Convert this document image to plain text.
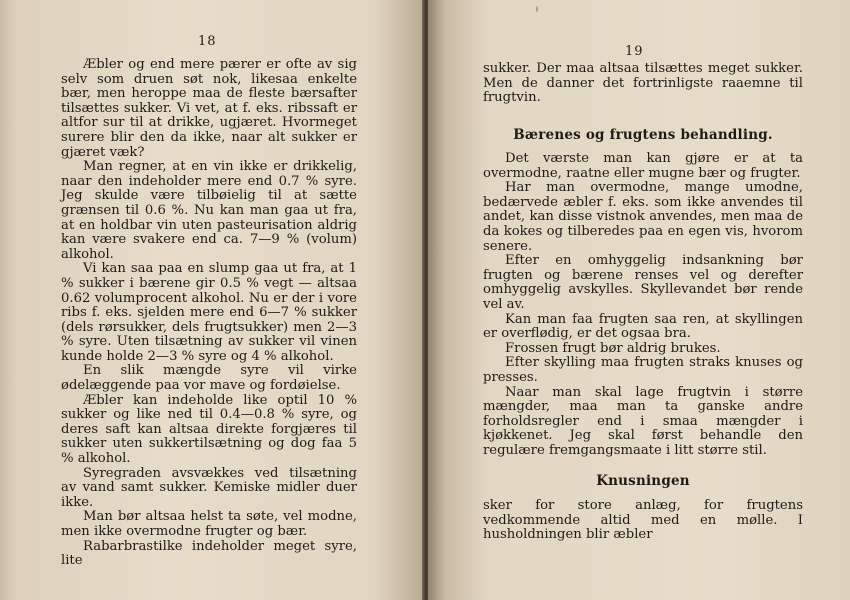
18

Æbler og end mere pærer er ofte av sig selv som druen søt nok, likesaa enkelte bær, men heroppe maa de fleste bærsafter tilsættes sukker. Vi vet, at f. eks. ribssaft er altfor sur til at drikke, ugjæret. Hvormeget surere blir den da ikke, naar alt sukker er gjæret væk?

Man regner, at en vin ikke er drikkelig, naar den indeholder mere end 0.7 % syre. Jeg skulde være tilbøielig til at sætte grænsen til 0.6 %. Nu kan man gaa ut fra, at en holdbar vin uten pasteurisation aldrig kan være svakere end ca. 7—9 % (volum) alkohol.

Vi kan saa paa en slump gaa ut fra, at 1 % sukker i bærene gir 0.5 % vegt — altsaa 0.62 volumprocent alkohol. Nu er der i vore ribs f. eks. sjelden mere end 6—7 % sukker (dels rørsukker, dels frugtsukker) men 2—3 % syre. Uten tilsætning av sukker vil vinen kunde holde 2—3 % syre og 4 % alkohol.

En slik mængde syre vil virke ødelæggende paa vor mave og fordøielse.

Æbler kan indeholde like optil 10 % sukker og like ned til 0.4—0.8 % syre, og deres saft kan altsaa direkte forgjæres til sukker uten sukkertilsætning og dog faa 5 % alkohol.

Syregraden avsvækkes ved tilsætning av vand samt sukker. Kemiske midler duer ikke.

Man bør altsaa helst ta søte, vel modne, men ikke overmodne frugter og bær.

Rabarbrastilke indeholder meget syre, lite

19

sukker. Der maa altsaa tilsættes meget sukker. Men de danner det fortrinligste raaemne til frugtvin.

Bærenes og frugtens behandling.

Det værste man kan gjøre er at ta overmodne, raatne eller mugne bær og frugter.

Har man overmodne, mange umodne, bedærvede æbler f. eks. som ikke anvendes til andet, kan disse vistnok anvendes, men maa de da kokes og tilberedes paa en egen vis, hvorom senere.

Efter en omhyggelig indsankning bør frugten og bærene renses vel og derefter omhyggelig avskylles. Skyllevandet bør rende vel av.

Kan man faa frugten saa ren, at skyllingen er overflødig, er det ogsaa bra.

Frossen frugt bør aldrig brukes.

Efter skylling maa frugten straks knuses og presses.

Naar man skal lage frugtvin i større mængder, maa man ta ganske andre forholdsregler end i smaa mængder i kjøkkenet. Jeg skal først behandle den regulære fremgangsmaate i litt større stil.

Knusningen

sker for store anlæg, for frugtens vedkommende altid med en mølle. I husholdningen blir æbler
